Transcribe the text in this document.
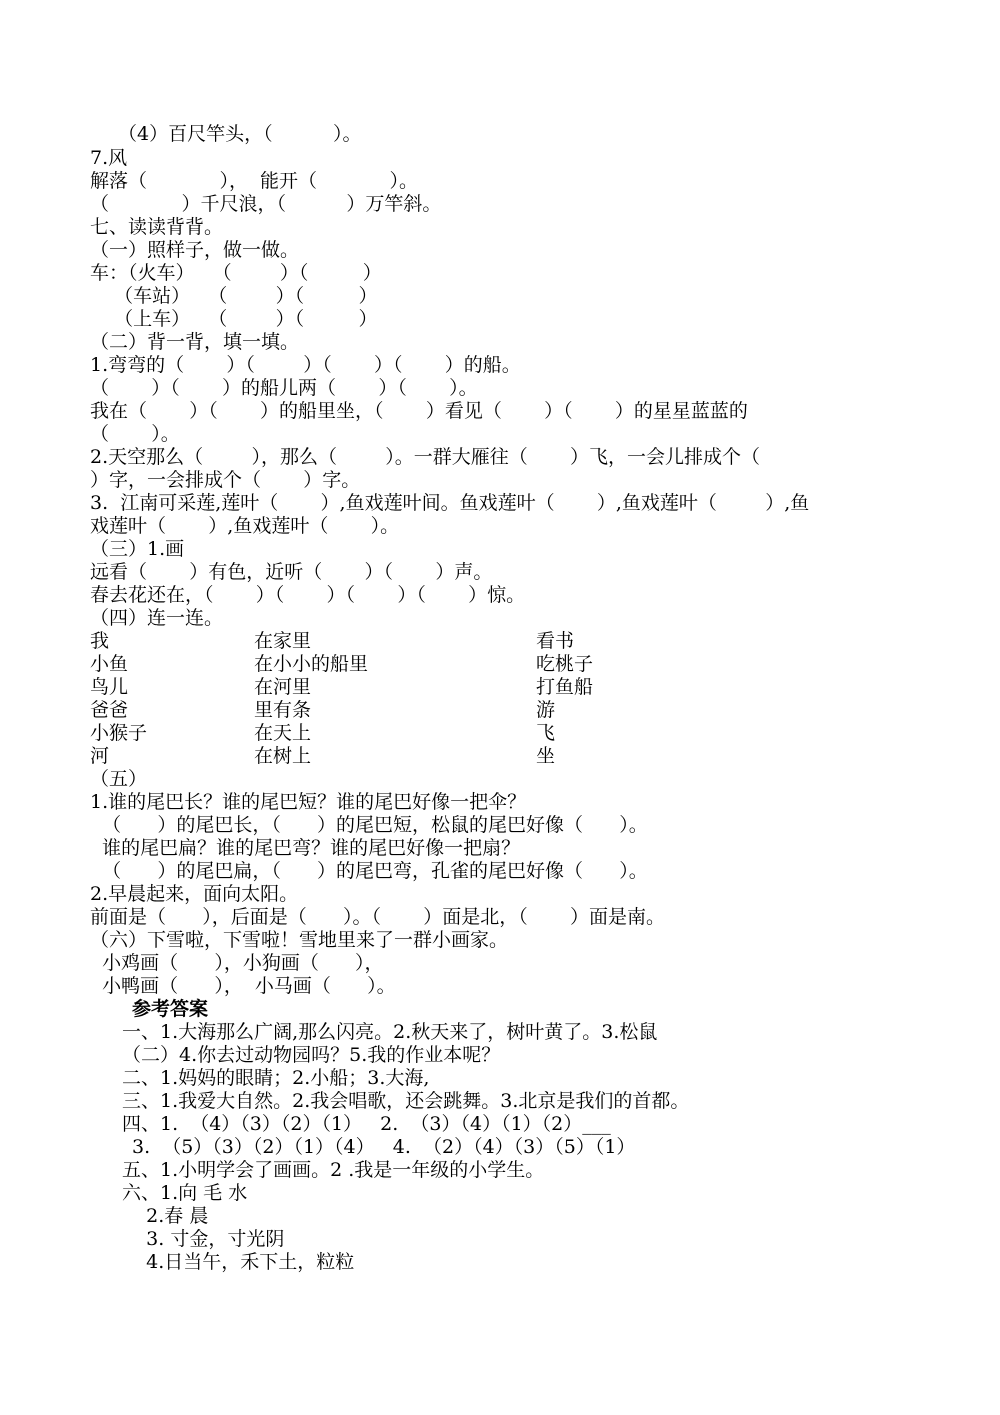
（4）百尺竿头，（          ）。
7.风
解落（            ），  能开（            ）。
（            ）千尺浪，（          ）万竿斜。
七、读读背背。
（一）照样子，做一做。
车：（火车）   （        ）（         ）
（车站）   （        ）（         ）
（上车）   （        ）（         ）
（二）背一背，填一填。
1.弯弯的（       ）（        ）（       ）（       ）的船。
（       ）（       ）的船儿两（       ）（       ）。
我在（       ）（       ）的船里坐，（       ）看见（       ）（       ）的星星蓝蓝的
（       ）。
2.天空那么（        ），那么（        ）。一群大雁往（       ）飞，一会儿排成个（
）字，一会排成个（       ）字。
3.  江南可采莲,莲叶（       ）,鱼戏莲叶间。鱼戏莲叶（       ）,鱼戏莲叶（        ）,鱼
戏莲叶（       ）,鱼戏莲叶（       ）。
（三）1.画
远看（       ）有色，近听（       ）（       ）声。
春去花还在，（       ）（       ）（       ）（       ）惊。
（四）连一连。
我
小鱼
鸟儿
爸爸
小猴子
河
在家里
在小小的船里
在河里
里有条
在天上
在树上
看书
吃桃子
打鱼船
游
飞
坐
（五）
1.谁的尾巴长？谁的尾巴短？谁的尾巴好像一把伞？
（      ）的尾巴长，（      ）的尾巴短，松鼠的尾巴好像（      ）。
谁的尾巴扁？谁的尾巴弯？谁的尾巴好像一把扇？
（      ）的尾巴扁，（      ）的尾巴弯，孔雀的尾巴好像（      ）。
2.早晨起来，面向太阳。
前面是（      ），后面是（      ）。（       ）面是北，（       ）面是南。
（六）下雪啦，下雪啦！雪地里来了一群小画家。
小鸡画（      ），小狗画（      ），
小鸭画（      ），  小马画（      ）。
参考答案
一、1.大海那么广阔,那么闪亮。2.秋天来了，树叶黄了。3.松鼠
（二）4.你去过动物园吗？5.我的作业本呢？
二、1.妈妈的眼睛；2.小船；3.大海,
三、1.我爱大自然。2.我会唱歌，还会跳舞。3.北京是我们的首都。
四、1.  （4）（3）（2）（1）   2.  （3）（4）（1）（2）___
3.  （5）（3）（2）（1）（4）   4.  （2）（4）（3）（5）（1）
五、1.小明学会了画画。2 .我是一年级的小学生。
六、1.向 毛 水
2.春 晨
3. 寸金，寸光阴
4.日当午，禾下土，粒粒
